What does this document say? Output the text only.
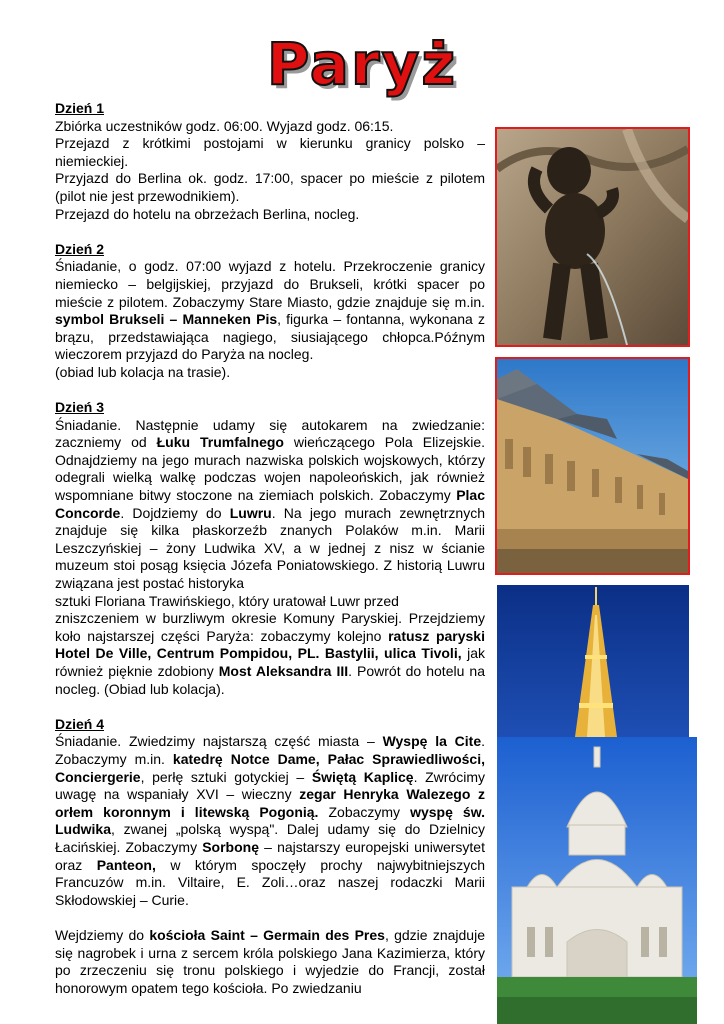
Paryż

Dzień 1

Zbiórka uczestników godz. 06:00. Wyjazd godz. 06:15.

Przejazd z krótkimi postojami w kierunku granicy polsko – niemieckiej.

Przyjazd do Berlina ok. godz. 17:00, spacer po mieście z pilotem (pilot nie jest przewodnikiem).

Przejazd do hotelu na obrzeżach Berlina, nocleg.

Dzień 2

Śniadanie, o godz. 07:00 wyjazd z hotelu. Przekroczenie granicy niemiecko – belgijskiej, przyjazd do Brukseli, krótki spacer po mieście z pilotem. Zobaczymy Stare Miasto, gdzie znajduje się m.in. symbol Brukseli – Manneken Pis, figurka – fontanna, wykonana z brązu, przedstawiająca nagiego, siusiającego chłopca.Późnym wieczorem przyjazd do Paryża na nocleg.

(obiad lub kolacja na trasie).

Dzień 3

Śniadanie. Następnie udamy się autokarem na zwiedzanie: zaczniemy od Łuku Trumfalnego wieńczącego Pola Elizejskie. Odnajdziemy na jego murach nazwiska polskich wojskowych, którzy odegrali wielką walkę podczas wojen napoleońskich, jak również wspomniane bitwy stoczone na ziemiach polskich. Zobaczymy Plac Concorde. Dojdziemy do Luwru. Na jego murach zewnętrznych znajduje się kilka płaskorzeźb znanych Polaków m.in. Marii Leszczyńskiej – żony Ludwika XV, a w jednej z nisz w ścianie muzeum stoi posąg księcia Józefa Poniatowskiego. Z historią Luwru związana jest postać historyka

sztuki Floriana Trawińskiego, który uratował Luwr przed

zniszczeniem w burzliwym okresie Komuny Paryskiej. Przejdziemy koło najstarszej części Paryża: zobaczymy kolejno ratusz paryski Hotel De Ville, Centrum Pompidou, PL. Bastylii, ulica Tivoli, jak również pięknie zdobiony Most Aleksandra III. Powrót do hotelu na nocleg. (Obiad lub kolacja).

Dzień 4

Śniadanie. Zwiedzimy najstarszą część miasta – Wyspę la Cite. Zobaczymy m.in. katedrę Notce Dame, Pałac Sprawiedliwości, Conciergerie, perłę sztuki gotyckiej – Świętą Kaplicę. Zwrócimy uwagę na wspaniały XVI – wieczny zegar Henryka Walezego z orłem koronnym i litewską Pogonią. Zobaczymy wyspę św. Ludwika, zwanej „polską wyspą". Dalej udamy się do Dzielnicy Łacińskiej. Zobaczymy Sorbonę – najstarszy europejski uniwersytet oraz Panteon, w którym spoczęły prochy najwybitniejszych Francuzów m.in. Viltaire, E. Zoli…oraz naszej rodaczki Marii Skłodowskiej – Curie.

Wejdziemy do kościoła Saint – Germain des Pres, gdzie znajduje się nagrobek i urna z sercem króla polskiego Jana Kazimierza, który po zrzeczeniu się tronu polskiego i wyjedzie do Francji, został honorowym opatem tego kościoła. Po zwiedzaniu
